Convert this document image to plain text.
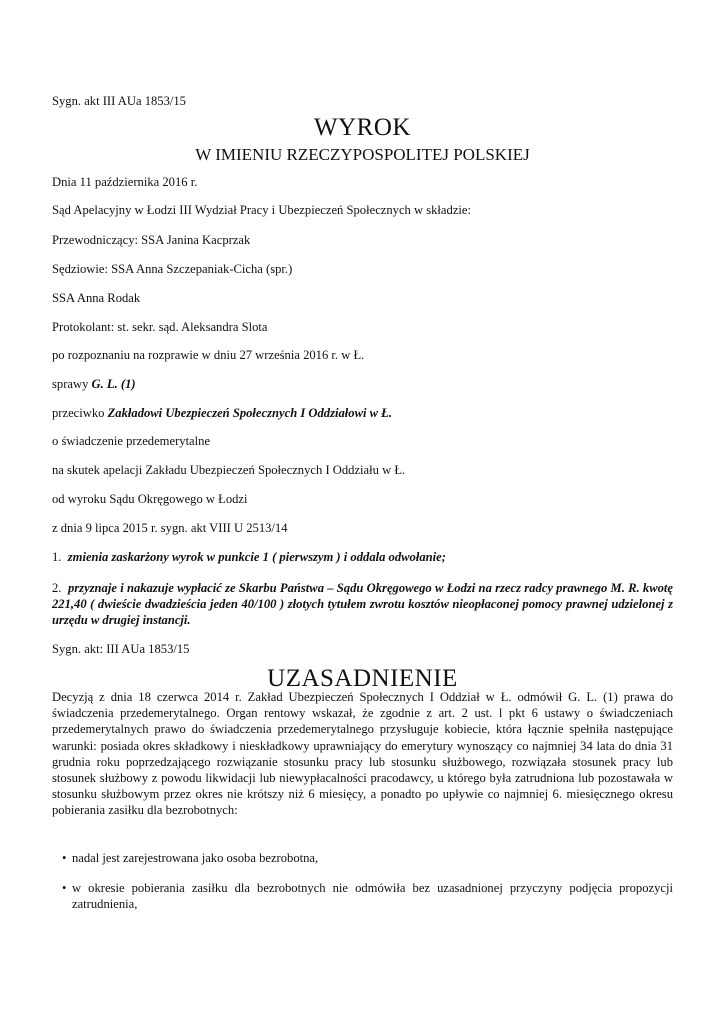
Sygn. akt III AUa 1853/15
WYROK
W IMIENIU RZECZYPOSPOLITEJ POLSKIEJ
Dnia 11 października 2016 r.
Sąd Apelacyjny w Łodzi III Wydział Pracy i Ubezpieczeń Społecznych w składzie:
Przewodniczący: SSA Janina Kacprzak
Sędziowie: SSA Anna Szczepaniak-Cicha (spr.)
SSA Anna Rodak
Protokolant: st. sekr. sąd. Aleksandra Slota
po rozpoznaniu na rozprawie w dniu 27 września 2016 r. w Ł.
sprawy G. L. (1)
przeciwko Zakładowi Ubezpieczeń Społecznych I Oddziałowi w Ł.
o świadczenie przedemerytalne
na skutek apelacji Zakładu Ubezpieczeń Społecznych I Oddziału w Ł.
od wyroku Sądu Okręgowego w Łodzi
z dnia 9 lipca 2015 r. sygn. akt VIII U 2513/14
1. zmienia zaskarżony wyrok w punkcie 1 ( pierwszym ) i oddala odwołanie;
2. przyznaje i nakazuje wypłacić ze Skarbu Państwa – Sądu Okręgowego w Łodzi na rzecz radcy prawnego M. R. kwotę 221,40 ( dwieście dwadzieścia jeden 40/100 ) złotych tytułem zwrotu kosztów nieopłaconej pomocy prawnej udzielonej z urzędu w drugiej instancji.
Sygn. akt: III AUa 1853/15
UZASADNIENIE
Decyzją z dnia 18 czerwca 2014 r. Zakład Ubezpieczeń Społecznych I Oddział w Ł. odmówił G. L. (1) prawa do świadczenia przedemerytalnego. Organ rentowy wskazał, że zgodnie z art. 2 ust. l pkt 6 ustawy o świadczeniach przedemerytalnych prawo do świadczenia przedemerytalnego przysługuje kobiecie, która łącznie spełniła następujące warunki: posiada okres składkowy i nieskładkowy uprawniający do emerytury wynoszący co najmniej 34 lata do dnia 31 grudnia roku poprzedzającego rozwiązanie stosunku pracy lub stosunku służbowego, rozwiązała stosunek pracy lub stosunek służbowy z powodu likwidacji lub niewypłacalności pracodawcy, u którego była zatrudniona lub pozostawała w stosunku służbowym przez okres nie krótszy niż 6 miesięcy, a ponadto po upływie co najmniej 6. miesięcznego okresu pobierania zasiłku dla bezrobotnych:
• nadal jest zarejestrowana jako osoba bezrobotna,
• w okresie pobierania zasiłku dla bezrobotnych nie odmówiła bez uzasadnionej przyczyny podjęcia propozycji zatrudnienia,
